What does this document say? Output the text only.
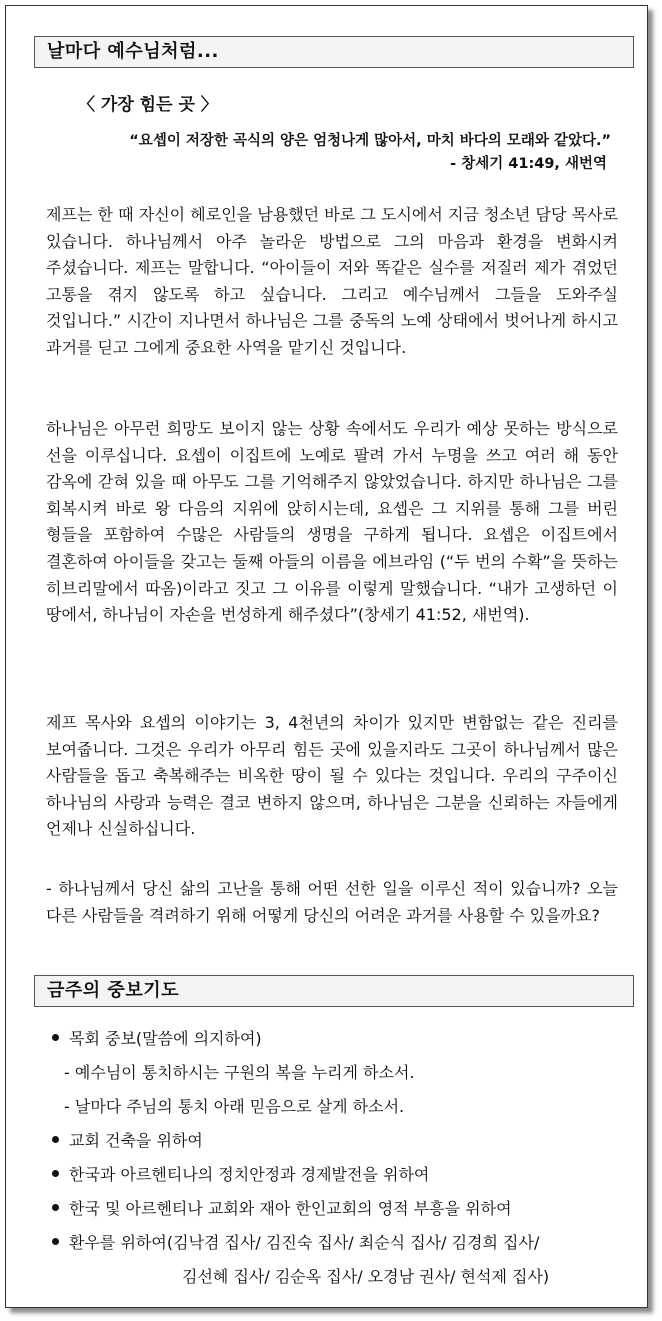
날마다 예수님처럼...
〈 가장 힘든 곳 〉
“요셉이 저장한 곡식의 양은 엄청나게 많아서, 마치 바다의 모래와 같았다.”
- 창세기 41:49, 새번역

제프는 한 때 자신이 헤로인을 남용했던 바로 그 도시에서 지금 청소년 담당 목사로 있습니다. 하나님께서 아주 놀라운 방법으로 그의 마음과 환경을 변화시켜 주셨습니다. 제프는 말합니다. “아이들이 저와 똑같은 실수를 저질러 제가 겪었던 고통을 겪지 않도록 하고 싶습니다. 그리고 예수님께서 그들을 도와주실 것입니다.” 시간이 지나면서 하나님은 그를 중독의 노예 상태에서 벗어나게 하시고 과거를 딛고 그에게 중요한 사역을 맡기신 것입니다.

하나님은 아무런 희망도 보이지 않는 상황 속에서도 우리가 예상 못하는 방식으로 선을 이루십니다. 요셉이 이집트에 노예로 팔려 가서 누명을 쓰고 여러 해 동안 감옥에 갇혀 있을 때 아무도 그를 기억해주지 않았었습니다. 하지만 하나님은 그를 회복시켜 바로 왕 다음의 지위에 앉히시는데, 요셉은 그 지위를 통해 그를 버린 형들을 포함하여 수많은 사람들의 생명을 구하게 됩니다. 요셉은 이집트에서 결혼하여 아이들을 갖고는 둘째 아들의 이름을 에브라임 (“두 번의 수확”을 뜻하는 히브리말에서 따옴)이라고 짓고 그 이유를 이렇게 말했습니다. “내가 고생하던 이 땅에서, 하나님이 자손을 번성하게 해주셨다”(창세기 41:52, 새번역).

제프 목사와 요셉의 이야기는 3, 4천년의 차이가 있지만 변함없는 같은 진리를 보여줍니다. 그것은 우리가 아무리 힘든 곳에 있을지라도 그곳이 하나님께서 많은 사람들을 돕고 축복해주는 비옥한 땅이 될 수 있다는 것입니다. 우리의 구주이신 하나님의 사랑과 능력은 결코 변하지 않으며, 하나님은 그분을 신뢰하는 자들에게 언제나 신실하십니다.

- 하나님께서 당신 삶의 고난을 통해 어떤 선한 일을 이루신 적이 있습니까? 오늘 다른 사람들을 격려하기 위해 어떻게 당신의 어려운 과거를 사용할 수 있을까요?

금주의 중보기도
목회 중보(말씀에 의지하여)
- 예수님이 통치하시는 구원의 복을 누리게 하소서.
- 날마다 주님의 통치 아래 믿음으로 살게 하소서.
교회 건축을 위하여
한국과 아르헨티나의 정치안정과 경제발전을 위하여
한국 및 아르헨티나 교회와 재아 한인교회의 영적 부흥을 위하여
환우를 위하여(김낙겸 집사/ 김진숙 집사/ 최순식 집사/ 김경희 집사/
김선혜 집사/ 김순옥 집사/ 오경남 권사/ 현석제 집사)
